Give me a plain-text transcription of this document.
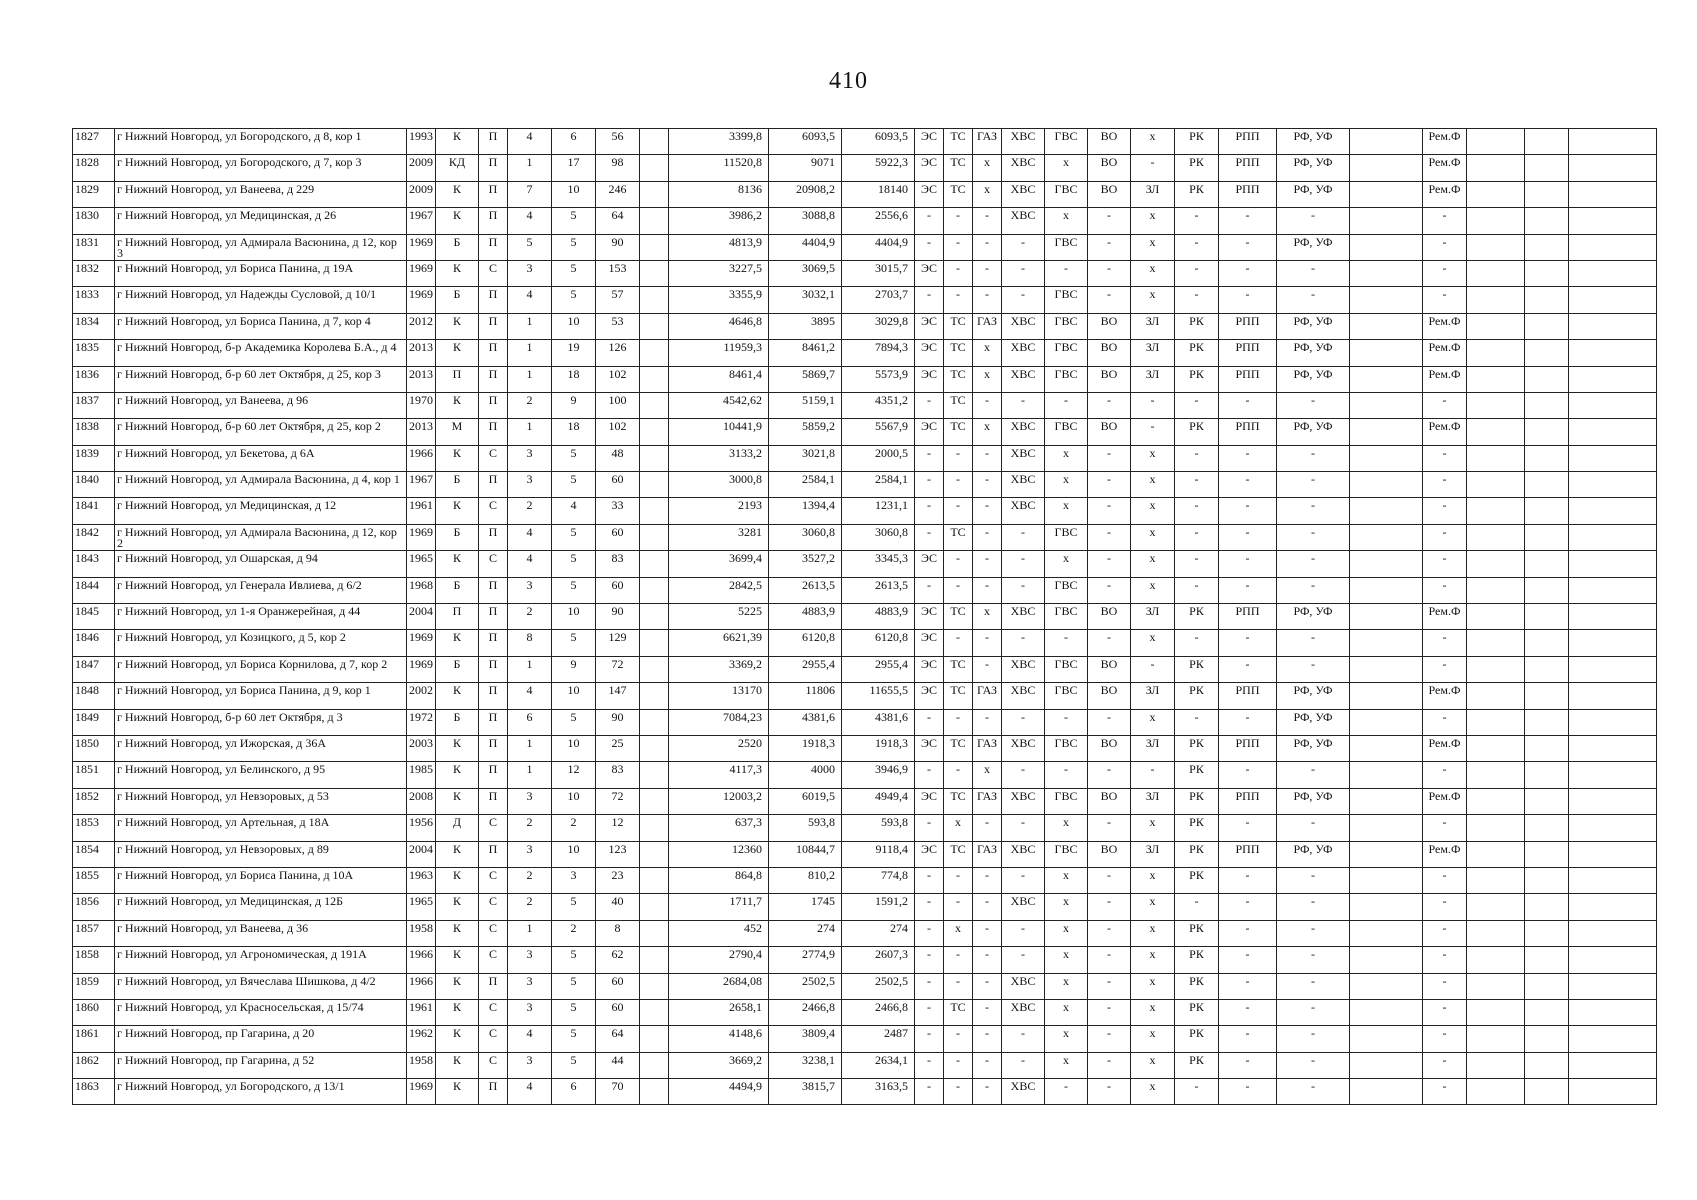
410
1827	г Нижний Новгород, ул Богородского, д 8, кор 1	1993	К	П	4	6	56		3399,8	6093,5	6093,5	ЭС	ТС	ГАЗ	ХВС	ГВС	ВО	х	РК	РПП	РФ, УФ		Рем.Ф			
1828	г Нижний Новгород, ул Богородского, д 7, кор 3	2009	КД	П	1	17	98		11520,8	9071	5922,3	ЭС	ТС	х	ХВС	х	ВО	-	РК	РПП	РФ, УФ		Рем.Ф			
1829	г Нижний Новгород, ул Ванеева, д 229	2009	К	П	7	10	246		8136	20908,2	18140	ЭС	ТС	х	ХВС	ГВС	ВО	ЗЛ	РК	РПП	РФ, УФ		Рем.Ф			
1830	г Нижний Новгород, ул Медицинская, д 26	1967	К	П	4	5	64		3986,2	3088,8	2556,6	-	-	-	ХВС	х	-	х	-	-	-		-			
1831	г Нижний Новгород, ул Адмирала Васюнина, д 12, кор 3	1969	Б	П	5	5	90		4813,9	4404,9	4404,9	-	-	-	-	ГВС	-	х	-	-	РФ, УФ		-			
1832	г Нижний Новгород, ул Бориса Панина, д 19А	1969	К	С	3	5	153		3227,5	3069,5	3015,7	ЭС	-	-	-	-	-	х	-	-	-		-			
1833	г Нижний Новгород, ул Надежды Сусловой, д 10/1	1969	Б	П	4	5	57		3355,9	3032,1	2703,7	-	-	-	-	ГВС	-	х	-	-	-		-			
1834	г Нижний Новгород, ул Бориса Панина, д 7, кор 4	2012	К	П	1	10	53		4646,8	3895	3029,8	ЭС	ТС	ГАЗ	ХВС	ГВС	ВО	ЗЛ	РК	РПП	РФ, УФ		Рем.Ф			
1835	г Нижний Новгород, б-р Академика Королева Б.А., д 4	2013	К	П	1	19	126		11959,3	8461,2	7894,3	ЭС	ТС	х	ХВС	ГВС	ВО	ЗЛ	РК	РПП	РФ, УФ		Рем.Ф			
1836	г Нижний Новгород, б-р 60 лет Октября, д 25, кор 3	2013	П	П	1	18	102		8461,4	5869,7	5573,9	ЭС	ТС	х	ХВС	ГВС	ВО	ЗЛ	РК	РПП	РФ, УФ		Рем.Ф			
1837	г Нижний Новгород, ул Ванеева, д 96	1970	К	П	2	9	100		4542,62	5159,1	4351,2	-	ТС	-	-	-	-	-	-	-	-		-			
1838	г Нижний Новгород, б-р 60 лет Октября, д 25, кор 2	2013	М	П	1	18	102		10441,9	5859,2	5567,9	ЭС	ТС	х	ХВС	ГВС	ВО	-	РК	РПП	РФ, УФ		Рем.Ф			
1839	г Нижний Новгород, ул Бекетова, д 6А	1966	К	С	3	5	48		3133,2	3021,8	2000,5	-	-	-	ХВС	х	-	х	-	-	-		-			
1840	г Нижний Новгород, ул Адмирала Васюнина, д 4, кор 1	1967	Б	П	3	5	60		3000,8	2584,1	2584,1	-	-	-	ХВС	х	-	х	-	-	-		-			
1841	г Нижний Новгород, ул Медицинская, д 12	1961	К	С	2	4	33		2193	1394,4	1231,1	-	-	-	ХВС	х	-	х	-	-	-		-			
1842	г Нижний Новгород, ул Адмирала Васюнина, д 12, кор 2	1969	Б	П	4	5	60		3281	3060,8	3060,8	-	ТС	-	-	ГВС	-	х	-	-	-		-			
1843	г Нижний Новгород, ул Ошарская, д 94	1965	К	С	4	5	83		3699,4	3527,2	3345,3	ЭС	-	-	-	х	-	х	-	-	-		-			
1844	г Нижний Новгород, ул Генерала Ивлиева, д 6/2	1968	Б	П	3	5	60		2842,5	2613,5	2613,5	-	-	-	-	ГВС	-	х	-	-	-		-			
1845	г Нижний Новгород, ул 1-я Оранжерейная, д 44	2004	П	П	2	10	90		5225	4883,9	4883,9	ЭС	ТС	х	ХВС	ГВС	ВО	ЗЛ	РК	РПП	РФ, УФ		Рем.Ф			
1846	г Нижний Новгород, ул Козицкого, д 5, кор 2	1969	К	П	8	5	129		6621,39	6120,8	6120,8	ЭС	-	-	-	-	-	х	-	-	-		-			
1847	г Нижний Новгород, ул Бориса Корнилова, д 7, кор 2	1969	Б	П	1	9	72		3369,2	2955,4	2955,4	ЭС	ТС	-	ХВС	ГВС	ВО	-	РК	-	-		-			
1848	г Нижний Новгород, ул Бориса Панина, д 9, кор 1	2002	К	П	4	10	147		13170	11806	11655,5	ЭС	ТС	ГАЗ	ХВС	ГВС	ВО	ЗЛ	РК	РПП	РФ, УФ		Рем.Ф			
1849	г Нижний Новгород, б-р 60 лет Октября, д 3	1972	Б	П	6	5	90		7084,23	4381,6	4381,6	-	-	-	-	-	-	х	-	-	РФ, УФ		-			
1850	г Нижний Новгород, ул Ижорская, д 36А	2003	К	П	1	10	25		2520	1918,3	1918,3	ЭС	ТС	ГАЗ	ХВС	ГВС	ВО	ЗЛ	РК	РПП	РФ, УФ		Рем.Ф			
1851	г Нижний Новгород, ул Белинского, д 95	1985	К	П	1	12	83		4117,3	4000	3946,9	-	-	х	-	-	-	-	РК	-	-		-			
1852	г Нижний Новгород, ул Невзоровых, д 53	2008	К	П	3	10	72		12003,2	6019,5	4949,4	ЭС	ТС	ГАЗ	ХВС	ГВС	ВО	ЗЛ	РК	РПП	РФ, УФ		Рем.Ф			
1853	г Нижний Новгород, ул Артельная, д 18А	1956	Д	С	2	2	12		637,3	593,8	593,8	-	х	-	-	х	-	х	РК	-	-		-			
1854	г Нижний Новгород, ул Невзоровых, д 89	2004	К	П	3	10	123		12360	10844,7	9118,4	ЭС	ТС	ГАЗ	ХВС	ГВС	ВО	ЗЛ	РК	РПП	РФ, УФ		Рем.Ф			
1855	г Нижний Новгород, ул Бориса Панина, д 10А	1963	К	С	2	3	23		864,8	810,2	774,8	-	-	-	-	х	-	х	РК	-	-		-			
1856	г Нижний Новгород, ул Медицинская, д 12Б	1965	К	С	2	5	40		1711,7	1745	1591,2	-	-	-	ХВС	х	-	х	-	-	-		-			
1857	г Нижний Новгород, ул Ванеева, д 36	1958	К	С	1	2	8		452	274	274	-	х	-	-	х	-	х	РК	-	-		-			
1858	г Нижний Новгород, ул Агрономическая, д 191А	1966	К	С	3	5	62		2790,4	2774,9	2607,3	-	-	-	-	х	-	х	РК	-	-		-			
1859	г Нижний Новгород, ул Вячеслава Шишкова, д 4/2	1966	К	П	3	5	60		2684,08	2502,5	2502,5	-	-	-	ХВС	х	-	х	РК	-	-		-			
1860	г Нижний Новгород, ул Красносельская, д 15/74	1961	К	С	3	5	60		2658,1	2466,8	2466,8	-	ТС	-	ХВС	х	-	х	РК	-	-		-			
1861	г Нижний Новгород, пр Гагарина, д 20	1962	К	С	4	5	64		4148,6	3809,4	2487	-	-	-	-	х	-	х	РК	-	-		-			
1862	г Нижний Новгород, пр Гагарина, д 52	1958	К	С	3	5	44		3669,2	3238,1	2634,1	-	-	-	-	х	-	х	РК	-	-		-			
1863	г Нижний Новгород, ул Богородского, д 13/1	1969	К	П	4	6	70		4494,9	3815,7	3163,5	-	-	-	ХВС	-	-	х	-	-	-		-			
